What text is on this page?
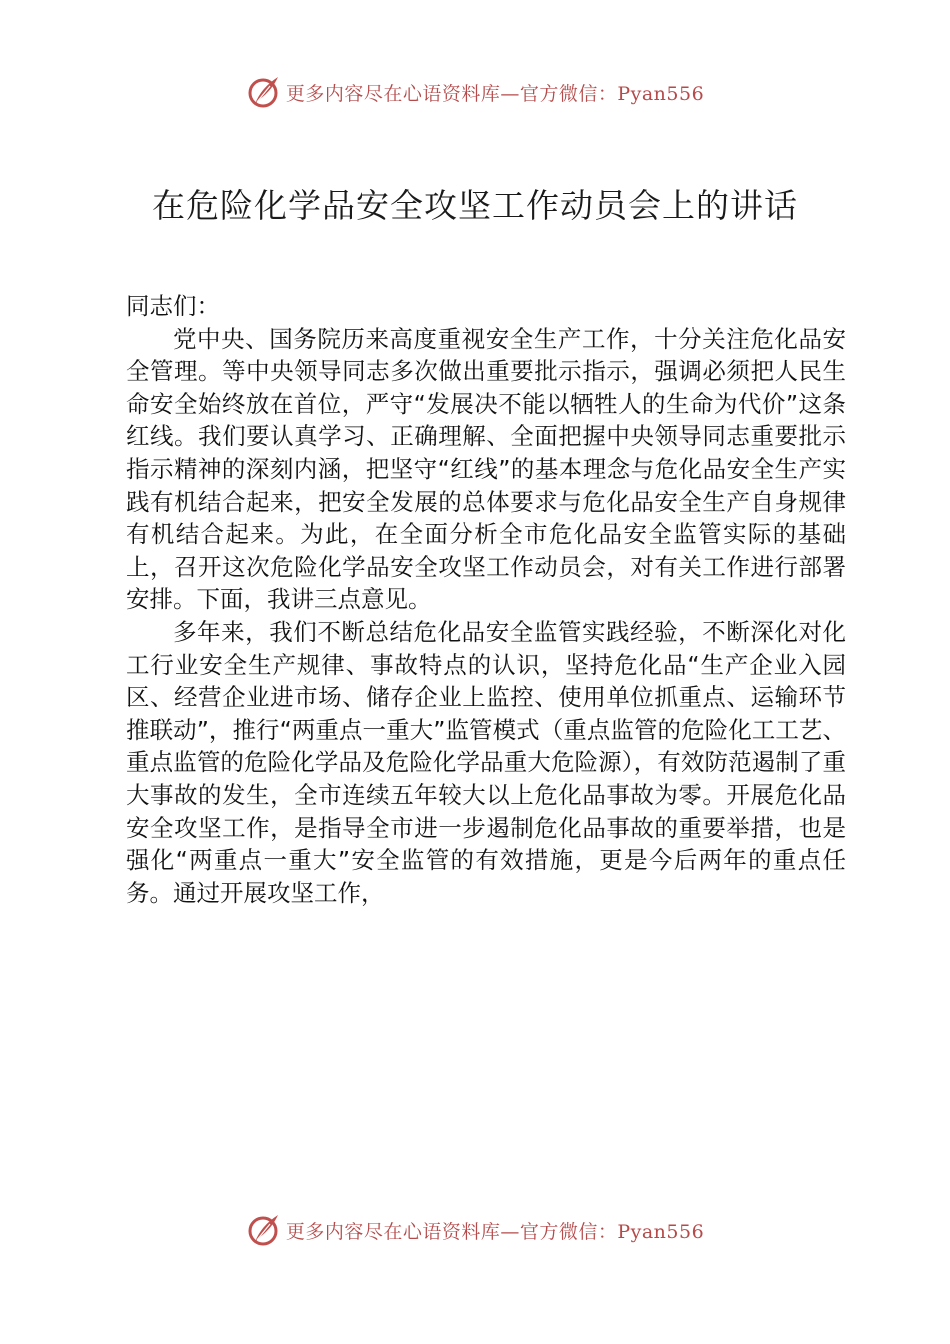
更多内容尽在心语资料库—官方微信：Pyan556
在危险化学品安全攻坚工作动员会上的讲话

同志们：

党中央、国务院历来高度重视安全生产工作，十分关注危化品安全管理。等中央领导同志多次做出重要批示指示，强调必须把人民生命安全始终放在首位，严守“发展决不能以牺牲人的生命为代价”这条红线。我们要认真学习、正确理解、全面把握中央领导同志重要批示指示精神的深刻内涵，把坚守“红线”的基本理念与危化品安全生产实践有机结合起来，把安全发展的总体要求与危化品安全生产自身规律有机结合起来。为此，在全面分析全市危化品安全监管实际的基础上，召开这次危险化学品安全攻坚工作动员会，对有关工作进行部署安排。下面，我讲三点意见。

多年来，我们不断总结危化品安全监管实践经验，不断深化对化工行业安全生产规律、事故特点的认识，坚持危化品“生产企业入园区、经营企业进市场、储存企业上监控、使用单位抓重点、运输环节推联动”，推行“两重点一重大”监管模式（重点监管的危险化工工艺、重点监管的危险化学品及危险化学品重大危险源），有效防范遏制了重大事故的发生，全市连续五年较大以上危化品事故为零。开展危化品安全攻坚工作，是指导全市进一步遏制危化品事故的重要举措，也是强化“两重点一重大”安全监管的有效措施，更是今后两年的重点任务。通过开展攻坚工作，

更多内容尽在心语资料库—官方微信：Pyan556
